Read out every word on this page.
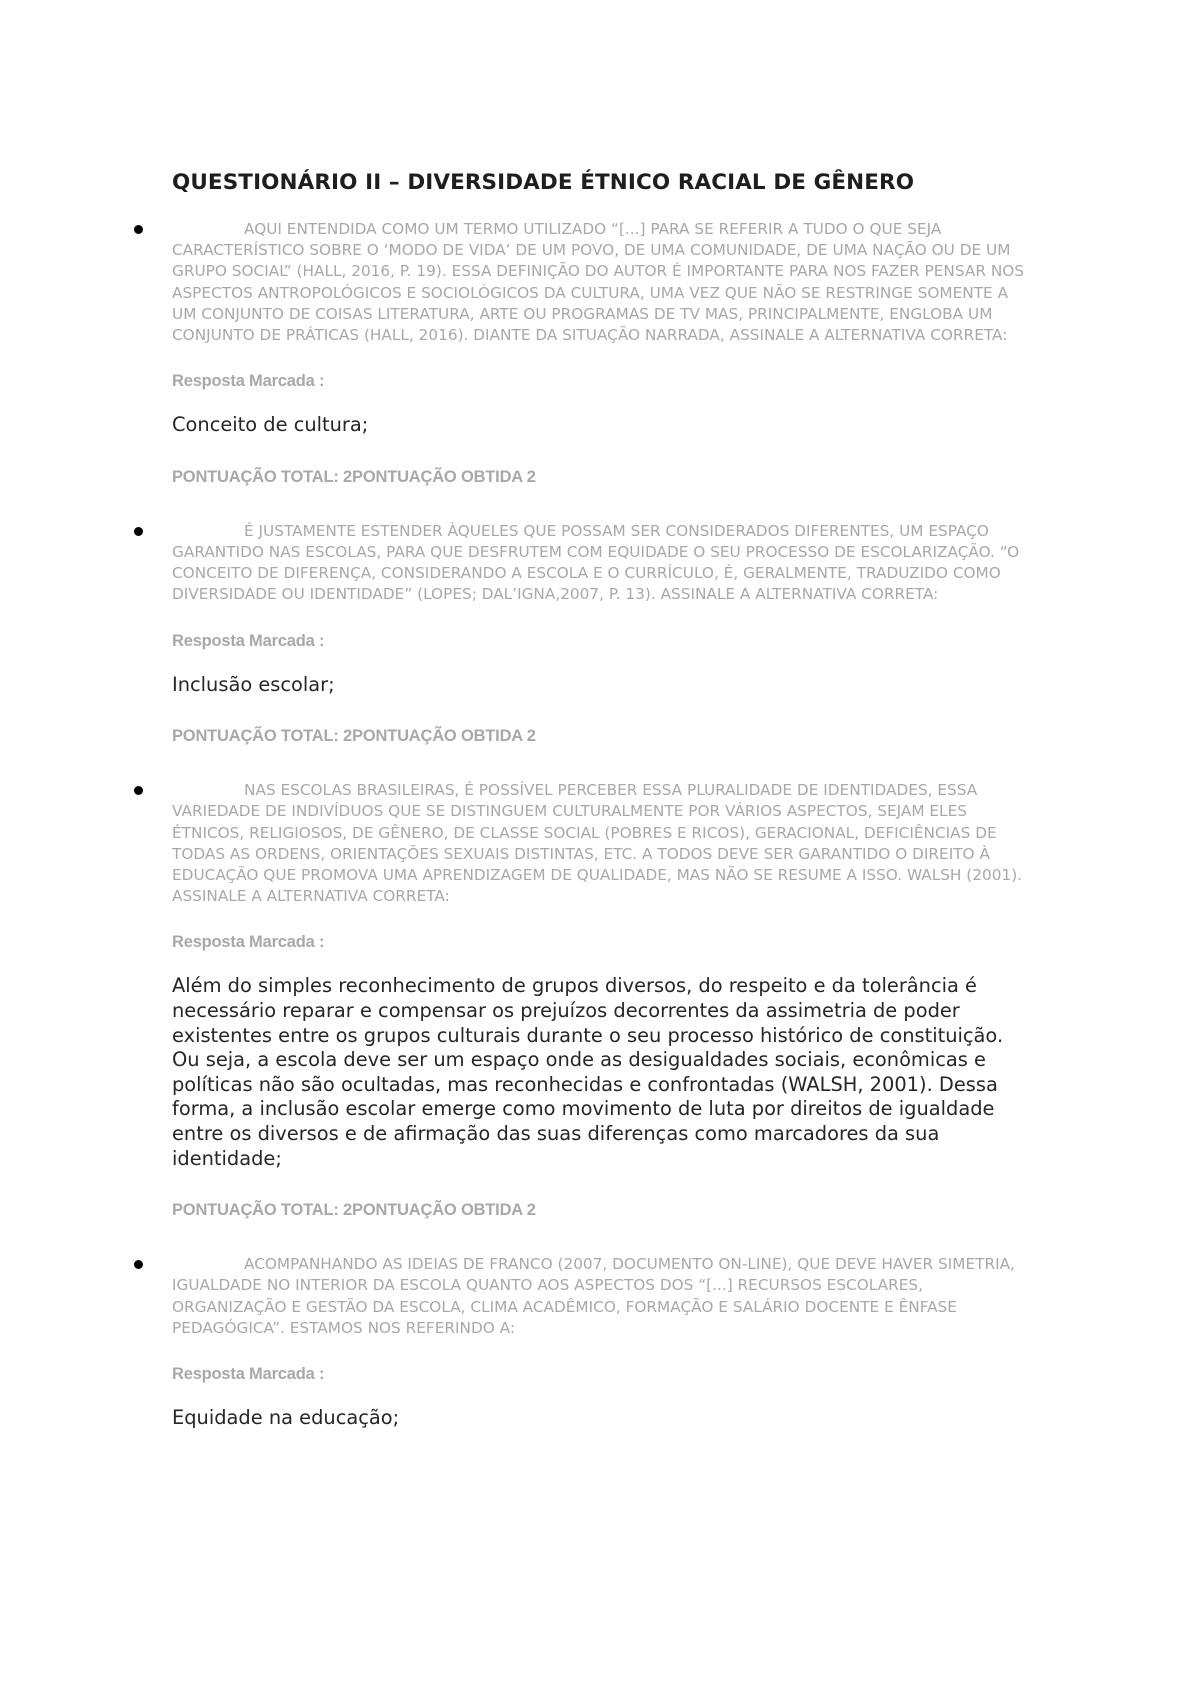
QUESTIONÁRIO II – DIVERSIDADE ÉTNICO RACIAL DE GÊNERO

AQUI ENTENDIDA COMO UM TERMO UTILIZADO “[...] PARA SE REFERIR A TUDO O QUE SEJA CARACTERÍSTICO SOBRE O ‘MODO DE VIDA’ DE UM POVO, DE UMA COMUNIDADE, DE UMA NAÇÃO OU DE UM GRUPO SOCIAL” (HALL, 2016, P. 19). ESSA DEFINIÇÃO DO AUTOR É IMPORTANTE PARA NOS FAZER PENSAR NOS ASPECTOS ANTROPOLÓGICOS E SOCIOLÓGICOS DA CULTURA, UMA VEZ QUE NÃO SE RESTRINGE SOMENTE A UM CONJUNTO DE COISAS LITERATURA, ARTE OU PROGRAMAS DE TV MAS, PRINCIPALMENTE, ENGLOBA UM CONJUNTO DE PRÁTICAS (HALL, 2016). DIANTE DA SITUAÇÃO NARRADA, ASSINALE A ALTERNATIVA CORRETA:

Resposta Marcada :

Conceito de cultura;

PONTUAÇÃO TOTAL: 2PONTUAÇÃO OBTIDA 2

É JUSTAMENTE ESTENDER ÀQUELES QUE POSSAM SER CONSIDERADOS DIFERENTES, UM ESPAÇO GARANTIDO NAS ESCOLAS, PARA QUE DESFRUTEM COM EQUIDADE O SEU PROCESSO DE ESCOLARIZAÇÃO. “O CONCEITO DE DIFERENÇA, CONSIDERANDO A ESCOLA E O CURRÍCULO, É, GERALMENTE, TRADUZIDO COMO DIVERSIDADE OU IDENTIDADE” (LOPES; DAL’IGNA,2007, P. 13). ASSINALE A ALTERNATIVA CORRETA:

Resposta Marcada :

Inclusão escolar;

PONTUAÇÃO TOTAL: 2PONTUAÇÃO OBTIDA 2

NAS ESCOLAS BRASILEIRAS, É POSSÍVEL PERCEBER ESSA PLURALIDADE DE IDENTIDADES, ESSA VARIEDADE DE INDIVÍDUOS QUE SE DISTINGUEM CULTURALMENTE POR VÁRIOS ASPECTOS, SEJAM ELES ÉTNICOS, RELIGIOSOS, DE GÊNERO, DE CLASSE SOCIAL (POBRES E RICOS), GERACIONAL, DEFICIÊNCIAS DE TODAS AS ORDENS, ORIENTAÇÕES SEXUAIS DISTINTAS, ETC. A TODOS DEVE SER GARANTIDO O DIREITO À EDUCAÇÃO QUE PROMOVA UMA APRENDIZAGEM DE QUALIDADE, MAS NÃO SE RESUME A ISSO. WALSH (2001). ASSINALE A ALTERNATIVA CORRETA:

Resposta Marcada :

Além do simples reconhecimento de grupos diversos, do respeito e da tolerância é necessário reparar e compensar os prejuízos decorrentes da assimetria de poder existentes entre os grupos culturais durante o seu processo histórico de constituição. Ou seja, a escola deve ser um espaço onde as desigualdades sociais, econômicas e políticas não são ocultadas, mas reconhecidas e confrontadas (WALSH, 2001). Dessa forma, a inclusão escolar emerge como movimento de luta por direitos de igualdade entre os diversos e de afirmação das suas diferenças como marcadores da sua identidade;

PONTUAÇÃO TOTAL: 2PONTUAÇÃO OBTIDA 2

ACOMPANHANDO AS IDEIAS DE FRANCO (2007, DOCUMENTO ON-LINE), QUE DEVE HAVER SIMETRIA, IGUALDADE NO INTERIOR DA ESCOLA QUANTO AOS ASPECTOS DOS “[...] RECURSOS ESCOLARES, ORGANIZAÇÃO E GESTÃO DA ESCOLA, CLIMA ACADÊMICO, FORMAÇÃO E SALÁRIO DOCENTE E ÊNFASE PEDAGÓGICA”. ESTAMOS NOS REFERINDO A:

Resposta Marcada :

Equidade na educação;
